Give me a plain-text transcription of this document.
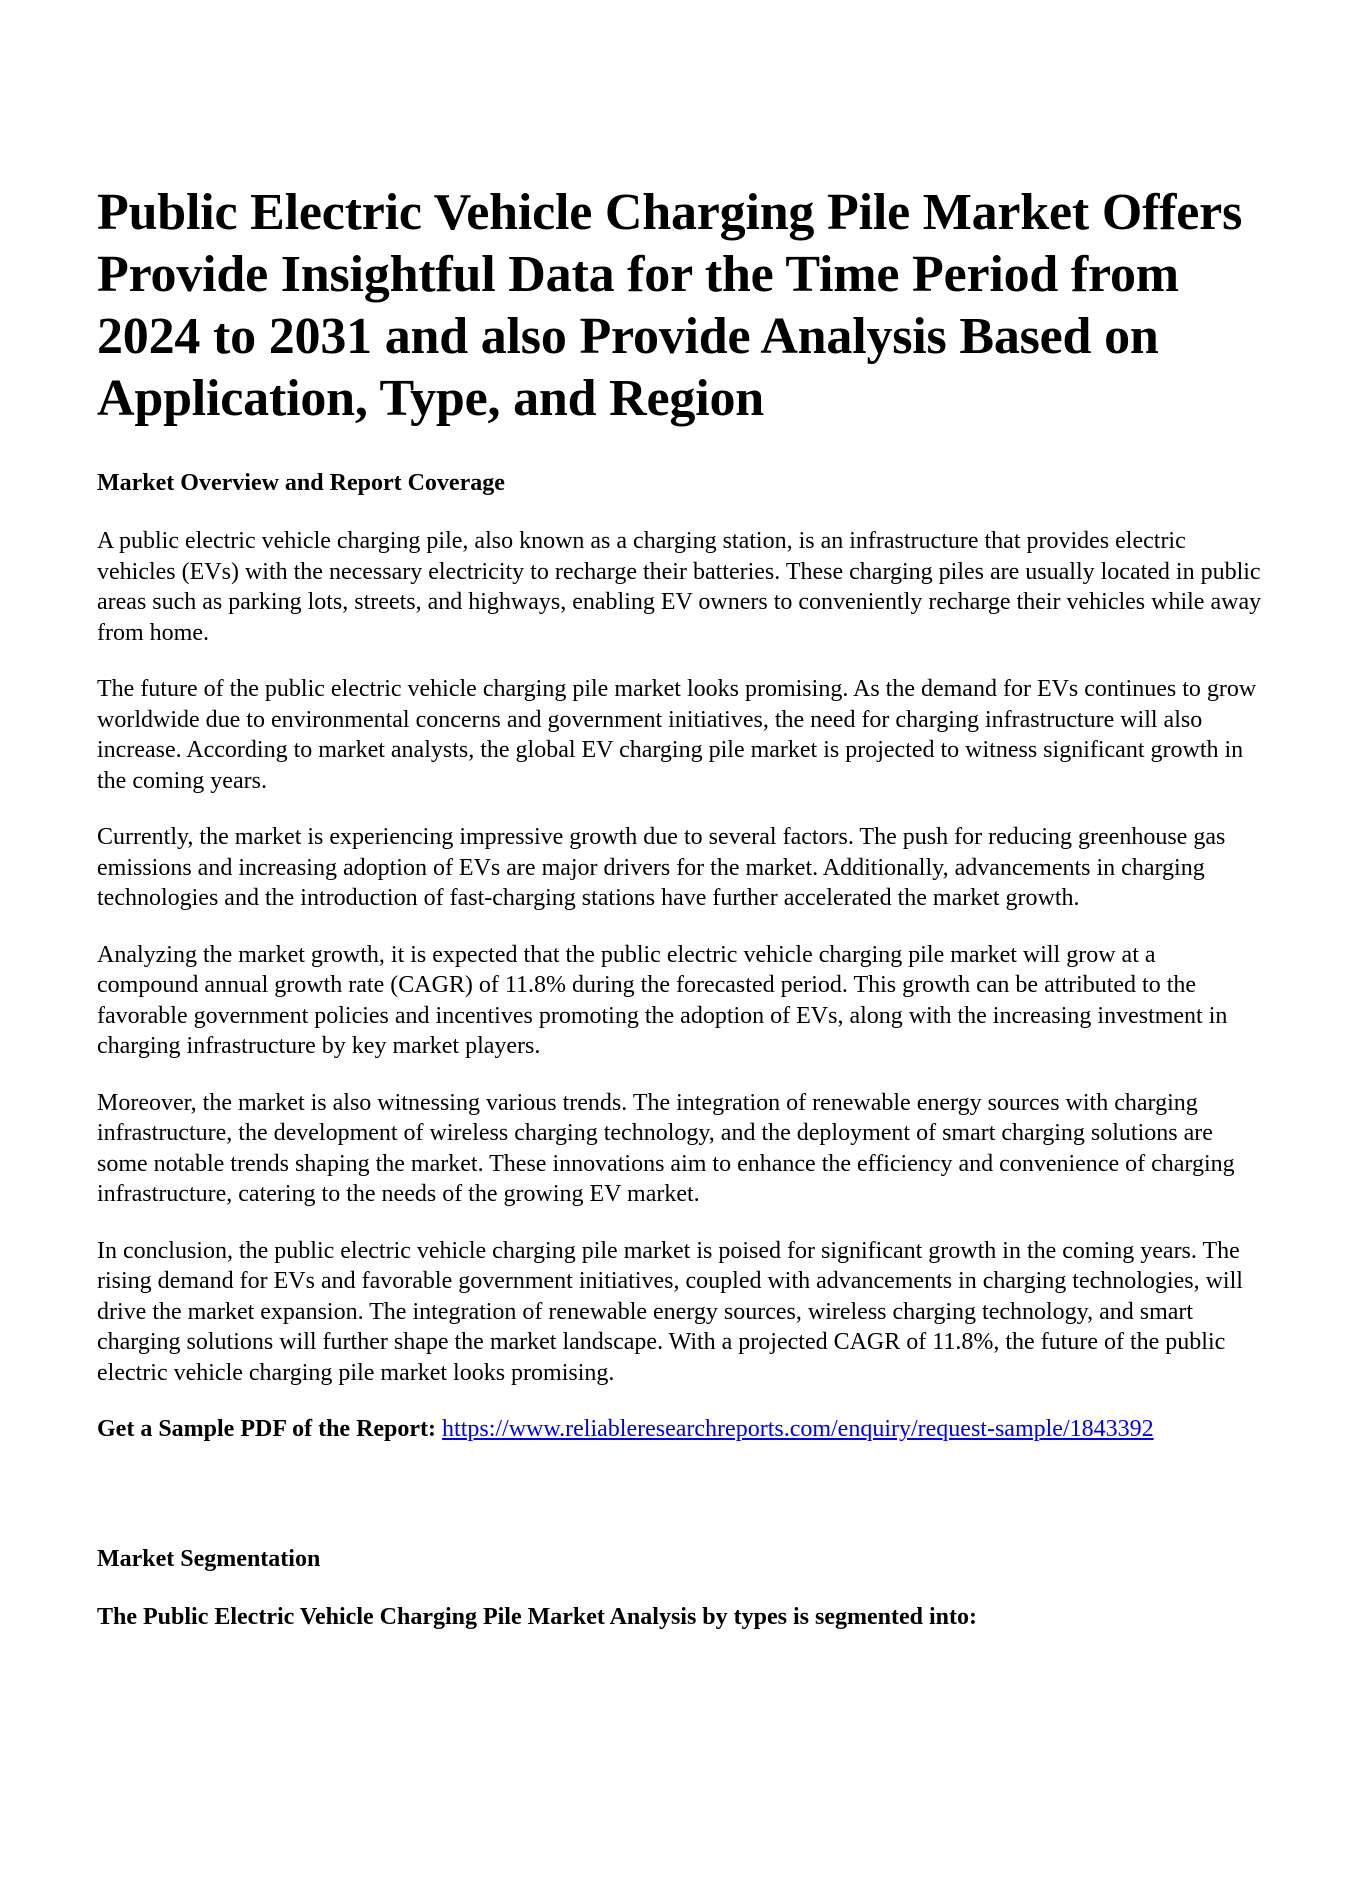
Public Electric Vehicle Charging Pile Market Offers Provide Insightful Data for the Time Period from 2024 to 2031 and also Provide Analysis Based on Application, Type, and Region
Market Overview and Report Coverage

A public electric vehicle charging pile, also known as a charging station, is an infrastructure that provides electric vehicles (EVs) with the necessary electricity to recharge their batteries. These charging piles are usually located in public areas such as parking lots, streets, and highways, enabling EV owners to conveniently recharge their vehicles while away from home.

The future of the public electric vehicle charging pile market looks promising. As the demand for EVs continues to grow worldwide due to environmental concerns and government initiatives, the need for charging infrastructure will also increase. According to market analysts, the global EV charging pile market is projected to witness significant growth in the coming years.

Currently, the market is experiencing impressive growth due to several factors. The push for reducing greenhouse gas emissions and increasing adoption of EVs are major drivers for the market. Additionally, advancements in charging technologies and the introduction of fast-charging stations have further accelerated the market growth.

Analyzing the market growth, it is expected that the public electric vehicle charging pile market will grow at a compound annual growth rate (CAGR) of 11.8% during the forecasted period. This growth can be attributed to the favorable government policies and incentives promoting the adoption of EVs, along with the increasing investment in charging infrastructure by key market players.

Moreover, the market is also witnessing various trends. The integration of renewable energy sources with charging infrastructure, the development of wireless charging technology, and the deployment of smart charging solutions are some notable trends shaping the market. These innovations aim to enhance the efficiency and convenience of charging infrastructure, catering to the needs of the growing EV market.

In conclusion, the public electric vehicle charging pile market is poised for significant growth in the coming years. The rising demand for EVs and favorable government initiatives, coupled with advancements in charging technologies, will drive the market expansion. The integration of renewable energy sources, wireless charging technology, and smart charging solutions will further shape the market landscape. With a projected CAGR of 11.8%, the future of the public electric vehicle charging pile market looks promising.

Get a Sample PDF of the Report: https://www.reliableresearchreports.com/enquiry/request-sample/1843392

Market Segmentation
The Public Electric Vehicle Charging Pile Market Analysis by types is segmented into:
